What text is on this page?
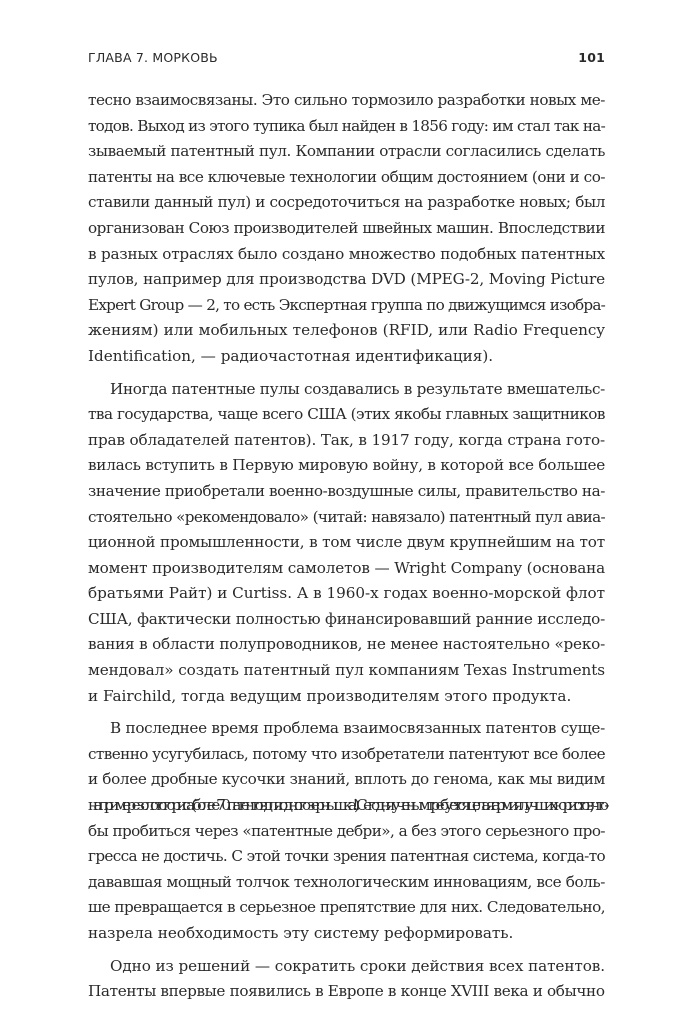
ГЛАВА 7. МОРКОВЬ	101
тесно взаимосвязаны. Это сильно тормозило разработки новых ме-
тодов. Выход из этого тупика был найден в 1856 году: им стал так на-
зываемый патентный пул. Компании отрасли согласились сделать
патенты на все ключевые технологии общим достоянием (они и со-
ставили данный пул) и сосредоточиться на разработке новых; был
организован Союз производителей швейных машин. Впоследствии
в разных отраслях было создано множество подобных патентных
пулов, например для производства DVD (MPEG-2, Moving Picture
Expert Group — 2, то есть Экспертная группа по движущимся изобра-
жениям) или мобильных телефонов (RFID, или Radio Frequency
Identification, — радиочастотная идентификация).
Иногда патентные пулы создавались в результате вмешательс-
тва государства, чаще всего США (этих якобы главных защитников
прав обладателей патентов). Так, в 1917 году, когда страна гото-
вилась вступить в Первую мировую войну, в которой все большее
значение приобретали военно-воздушные силы, правительство на-
стоятельно «рекомендовало» (читай: навязало) патентный пул авиа-
ционной промышленности, в том числе двум крупнейшим на тот
момент производителям самолетов — Wright Company (основана
братьями Райт) и Curtiss. А в 1960-х годах военно-морской флот
США, фактически полностью финансировавший ранние исследо-
вания в области полупроводников, не менее настоятельно «реко-
мендовал» создать патентный пул компаниям Texas Instruments
и Fairchild, тогда ведущим производителям этого продукта.
В последнее время проблема взаимосвязанных патентов суще-
ственно усугубилась, потому что изобретатели патентуют все более
и более дробные кусочки знаний, вплоть до генома, как мы видим
на примере золотого риса (более 70 патентов для одного зернышка!). Сегодня ученым требуется целая армия лучших юристов, что-
бы пробиться через «патентные дебри», а без этого серьезного про-
гресса не достичь. С этой точки зрения патентная система, когда-то
дававшая мощный толчок технологическим инновациям, все боль-
ше превращается в серьезное препятствие для них. Следовательно,
назрела необходимость эту систему реформировать.
Одно из решений — сократить сроки действия всех патентов.
Патенты впервые появились в Европе в конце XVIII века и обычно
